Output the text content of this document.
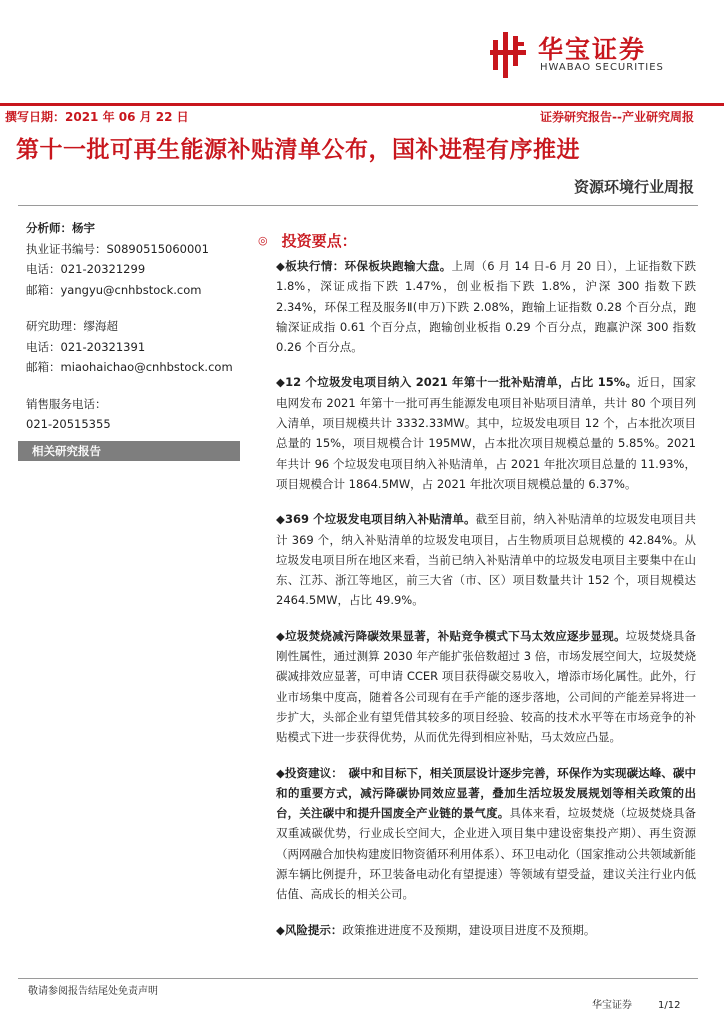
华宝证券
HWABAO SECURITIES
撰写日期：2021 年 06 月 22 日	证券研究报告--产业研究周报
第十一批可再生能源补贴清单公布，国补进程有序推进
资源环境行业周报
分析师：杨宇
执业证书编号：S0890515060001
电话：021-20321299
邮箱：yangyu@cnhbstock.com
研究助理：缪海超
电话：021-20321391
邮箱：miaohaichao@cnhbstock.com
销售服务电话：
021-20515355
相关研究报告
◎ 投资要点：

◆板块行情：环保板块跑输大盘。上周（6 月 14 日-6 月 20 日），上证指数下跌 1.8%，深证成指下跌 1.47%，创业板指下跌 1.8%，沪深 300 指数下跌 2.34%，环保工程及服务Ⅱ(申万)下跌 2.08%，跑输上证指数 0.28 个百分点，跑输深证成指 0.61 个百分点，跑输创业板指 0.29 个百分点，跑赢沪深 300 指数 0.26 个百分点。

◆12 个垃圾发电项目纳入 2021 年第十一批补贴清单，占比 15%。近日，国家电网发布 2021 年第十一批可再生能源发电项目补贴项目清单，共计 80 个项目列入清单，项目规模共计 3332.33MW。其中，垃圾发电项目 12 个，占本批次项目总量的 15%，项目规模合计 195MW，占本批次项目规模总量的 5.85%。2021 年共计 96 个垃圾发电项目纳入补贴清单，占 2021 年批次项目总量的 11.93%，项目规模合计 1864.5MW，占 2021 年批次项目规模总量的 6.37%。

◆369 个垃圾发电项目纳入补贴清单。截至目前，纳入补贴清单的垃圾发电项目共计 369 个，纳入补贴清单的垃圾发电项目，占生物质项目总规模的 42.84%。从垃圾发电项目所在地区来看，当前已纳入补贴清单中的垃圾发电项目主要集中在山东、江苏、浙江等地区，前三大省（市、区）项目数量共计 152 个，项目规模达 2464.5MW，占比 49.9%。

◆垃圾焚烧减污降碳效果显著，补贴竞争模式下马太效应逐步显现。垃圾焚烧具备刚性属性，通过测算 2030 年产能扩张倍数超过 3 倍，市场发展空间大，垃圾焚烧碳减排效应显著，可申请 CCER 项目获得碳交易收入，增添市场化属性。此外，行业市场集中度高，随着各公司现有在手产能的逐步落地，公司间的产能差异将进一步扩大，头部企业有望凭借其较多的项目经验、较高的技术水平等在市场竞争的补贴模式下进一步获得优势，从而优先得到相应补贴，马太效应凸显。

◆投资建议：　碳中和目标下，相关顶层设计逐步完善，环保作为实现碳达峰、碳中和的重要方式，减污降碳协同效应显著，叠加生活垃圾发展规划等相关政策的出台，关注碳中和提升国废全产业链的景气度。具体来看，垃圾焚烧（垃圾焚烧具备双重减碳优势，行业成长空间大，企业进入项目集中建设密集投产期）、再生资源（两网融合加快构建废旧物资循环利用体系）、环卫电动化（国家推动公共领域新能源车辆比例提升，环卫装备电动化有望提速）等领域有望受益，建议关注行业内低估值、高成长的相关公司。

◆风险提示：政策推进进度不及预期，建设项目进度不及预期。

敬请参阅报告结尾处免责声明
华宝证券	1/12
